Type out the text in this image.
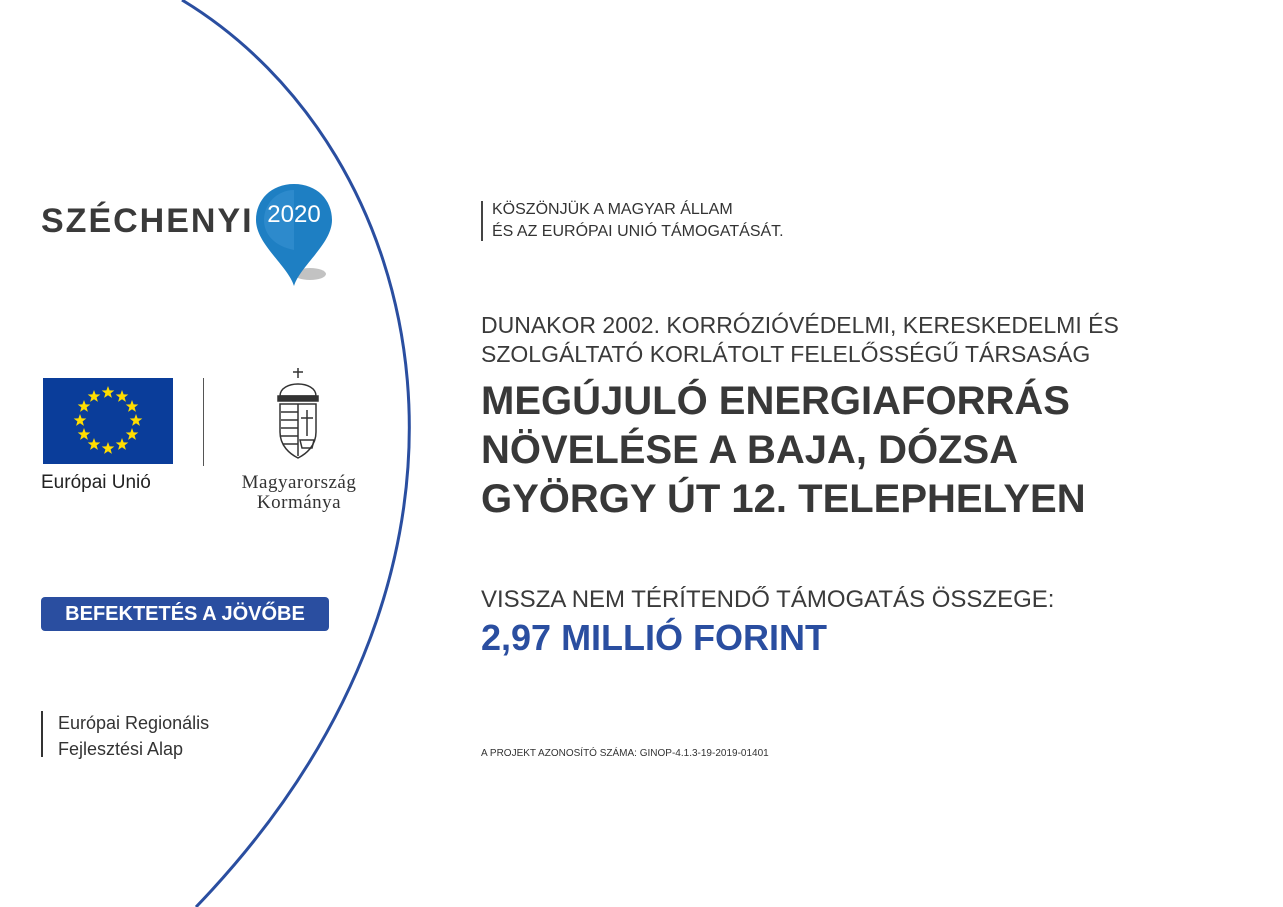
SZÉCHENYI 2020
Európai Unió	Magyarország
Kormánya
BEFEKTETÉS A JÖVŐBE
Európai Regionális
Fejlesztési Alap
KÖSZÖNJÜK A MAGYAR ÁLLAM
ÉS AZ EURÓPAI UNIÓ TÁMOGATÁSÁT.
DUNAKOR 2002. KORRÓZIÓVÉDELMI, KERESKEDELMI ÉS
SZOLGÁLTATÓ KORLÁTOLT FELELŐSSÉGŰ TÁRSASÁG
MEGÚJULÓ ENERGIAFORRÁS
NÖVELÉSE A BAJA, DÓZSA
GYÖRGY ÚT 12. TELEPHELYEN
VISSZA NEM TÉRÍTENDŐ TÁMOGATÁS ÖSSZEGE:
2,97 MILLIÓ FORINT
A PROJEKT AZONOSÍTÓ SZÁMA: GINOP-4.1.3-19-2019-01401
